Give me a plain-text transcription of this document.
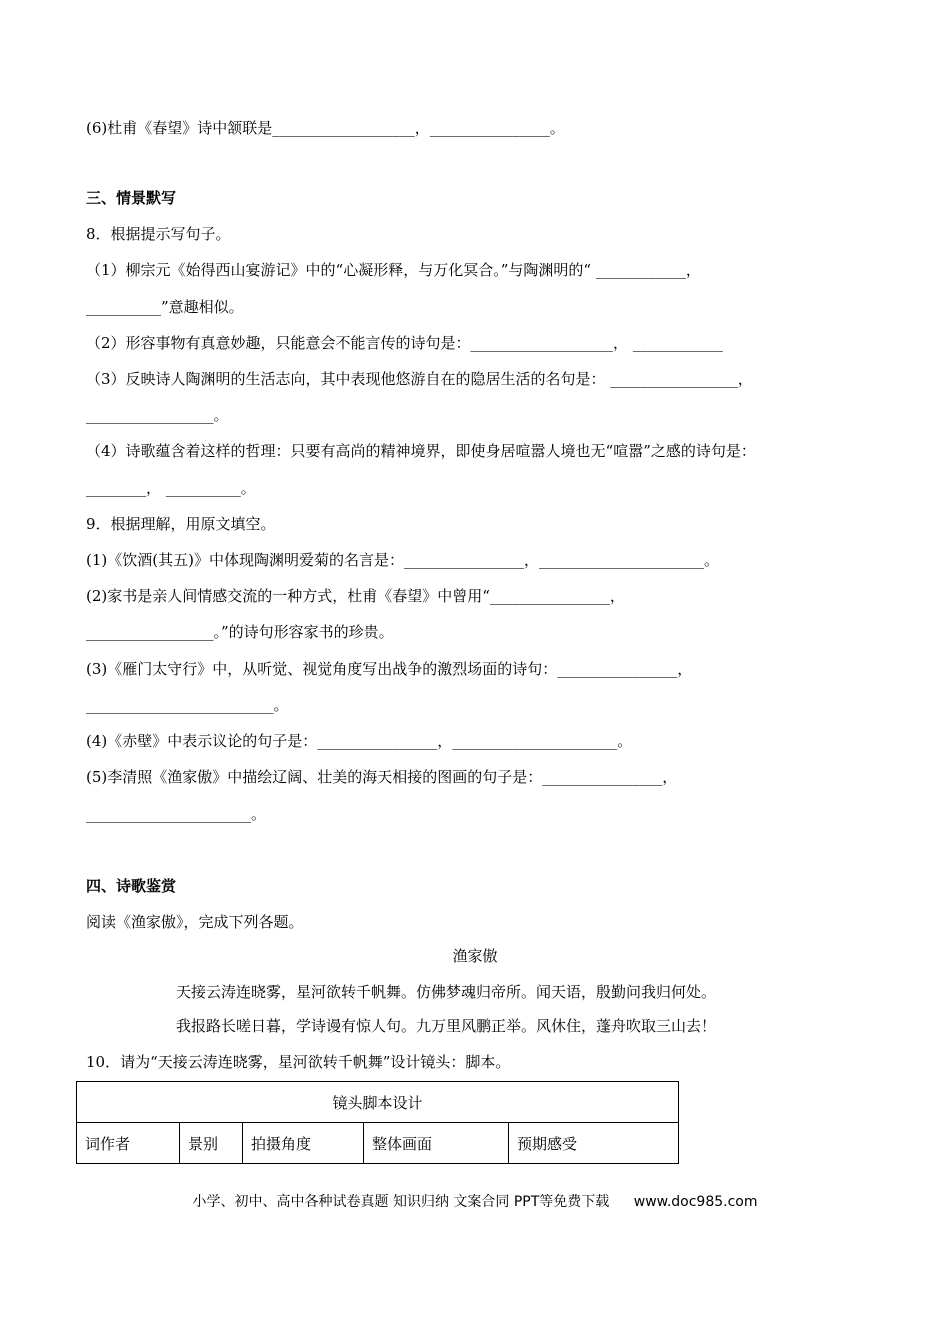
(6)杜甫《春望》诗中颔联是___________________，________________。
三、情景默写
8．根据提示写句子。
（1）柳宗元《始得西山宴游记》中的“心凝形释，与万化冥合。”与陶渊明的“ ____________，
__________”意趣相似。
（2）形容事物有真意妙趣，只能意会不能言传的诗句是：___________________， ____________
（3）反映诗人陶渊明的生活志向，其中表现他悠游自在的隐居生活的名句是： _________________，
_________________。
（4）诗歌蕴含着这样的哲理：只要有高尚的精神境界，即使身居喧嚣人境也无“喧嚣”之感的诗句是：
________， __________。
9．根据理解，用原文填空。
(1)《饮酒(其五)》中体现陶渊明爱菊的名言是：________________，______________________。
(2)家书是亲人间情感交流的一种方式，杜甫《春望》中曾用“________________，
_________________。”的诗句形容家书的珍贵。
(3)《雁门太守行》中，从听觉、视觉角度写出战争的激烈场面的诗句：________________，
_________________________。
(4)《赤壁》中表示议论的句子是：________________，______________________。
(5)李清照《渔家傲》中描绘辽阔、壮美的海天相接的图画的句子是：________________，
______________________。
四、诗歌鉴赏
阅读《渔家傲》，完成下列各题。
渔家傲
天接云涛连晓雾，星河欲转千帆舞。仿佛梦魂归帝所。闻天语，殷勤问我归何处。
我报路长嗟日暮，学诗谩有惊人句。九万里风鹏正举。风休住，蓬舟吹取三山去！
10．请为“天接云涛连晓雾，星河欲转千帆舞”设计镜头：脚本。
镜头脚本设计
词作者	景别	拍摄角度	整体画面	预期感受
小学、初中、高中各种试卷真题 知识归纳 文案合同 PPT等免费下载 www.doc985.com
